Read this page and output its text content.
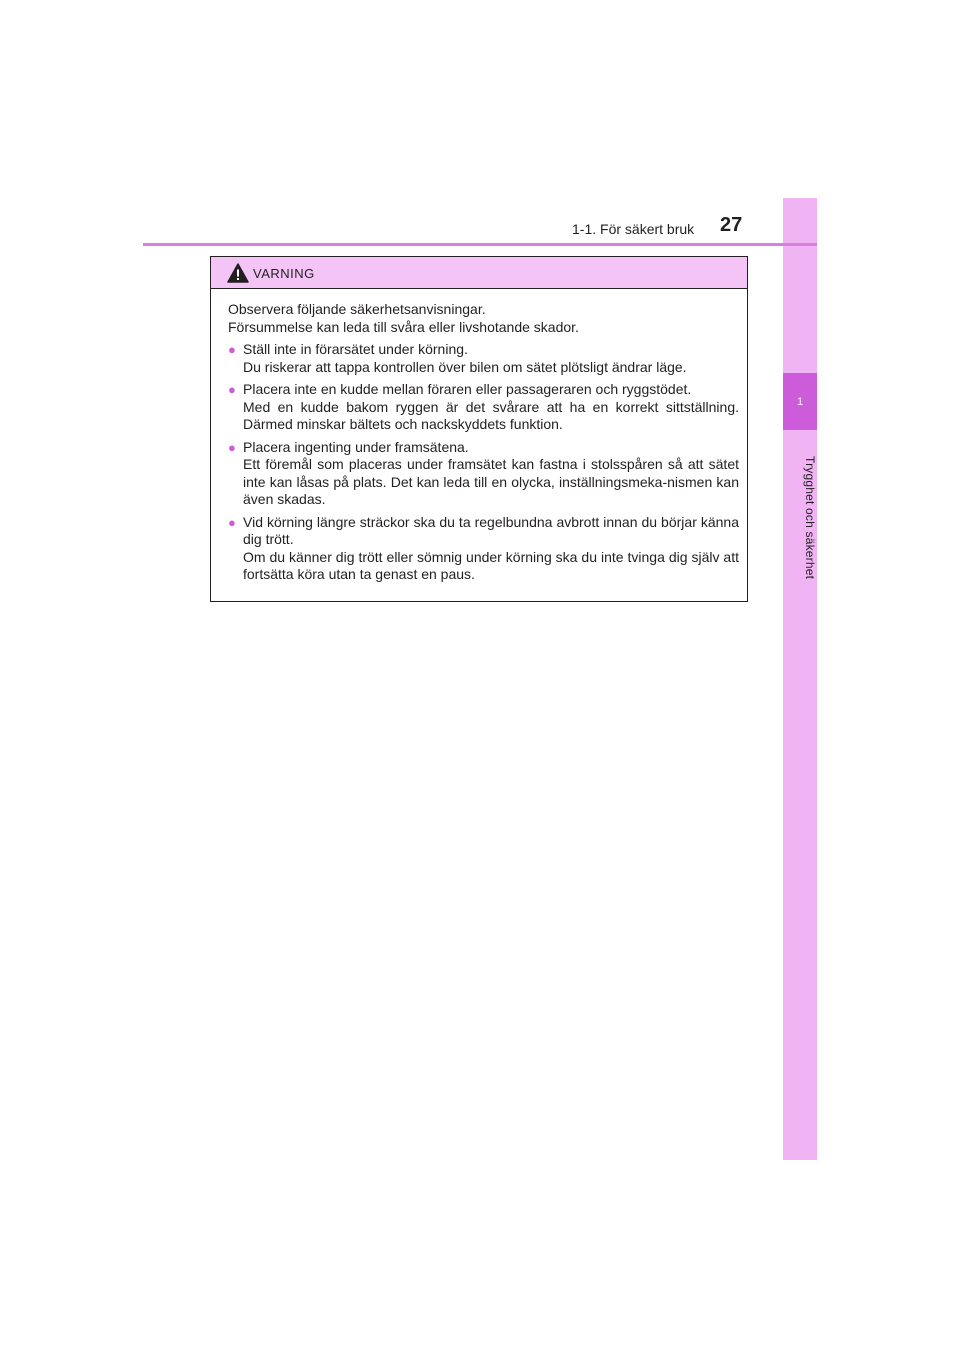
1
Trygghet och säkerhet
1-1. För säkert bruk 27
VARNING
Observera följande säkerhetsanvisningar.
Försummelse kan leda till svåra eller livshotande skador.
● Ställ inte in förarsätet under körning.
Du riskerar att tappa kontrollen över bilen om sätet plötsligt ändrar läge.
● Placera inte en kudde mellan föraren eller passageraren och ryggstödet.
Med en kudde bakom ryggen är det svårare att ha en korrekt sittställning. Därmed minskar bältets och nackskyddets funktion.
● Placera ingenting under framsätena.
Ett föremål som placeras under framsätet kan fastna i stolsspåren så att sätet inte kan låsas på plats. Det kan leda till en olycka, inställningsmeka-nismen kan även skadas.
● Vid körning längre sträckor ska du ta regelbundna avbrott innan du börjar känna dig trött.
Om du känner dig trött eller sömnig under körning ska du inte tvinga dig själv att fortsätta köra utan ta genast en paus.
